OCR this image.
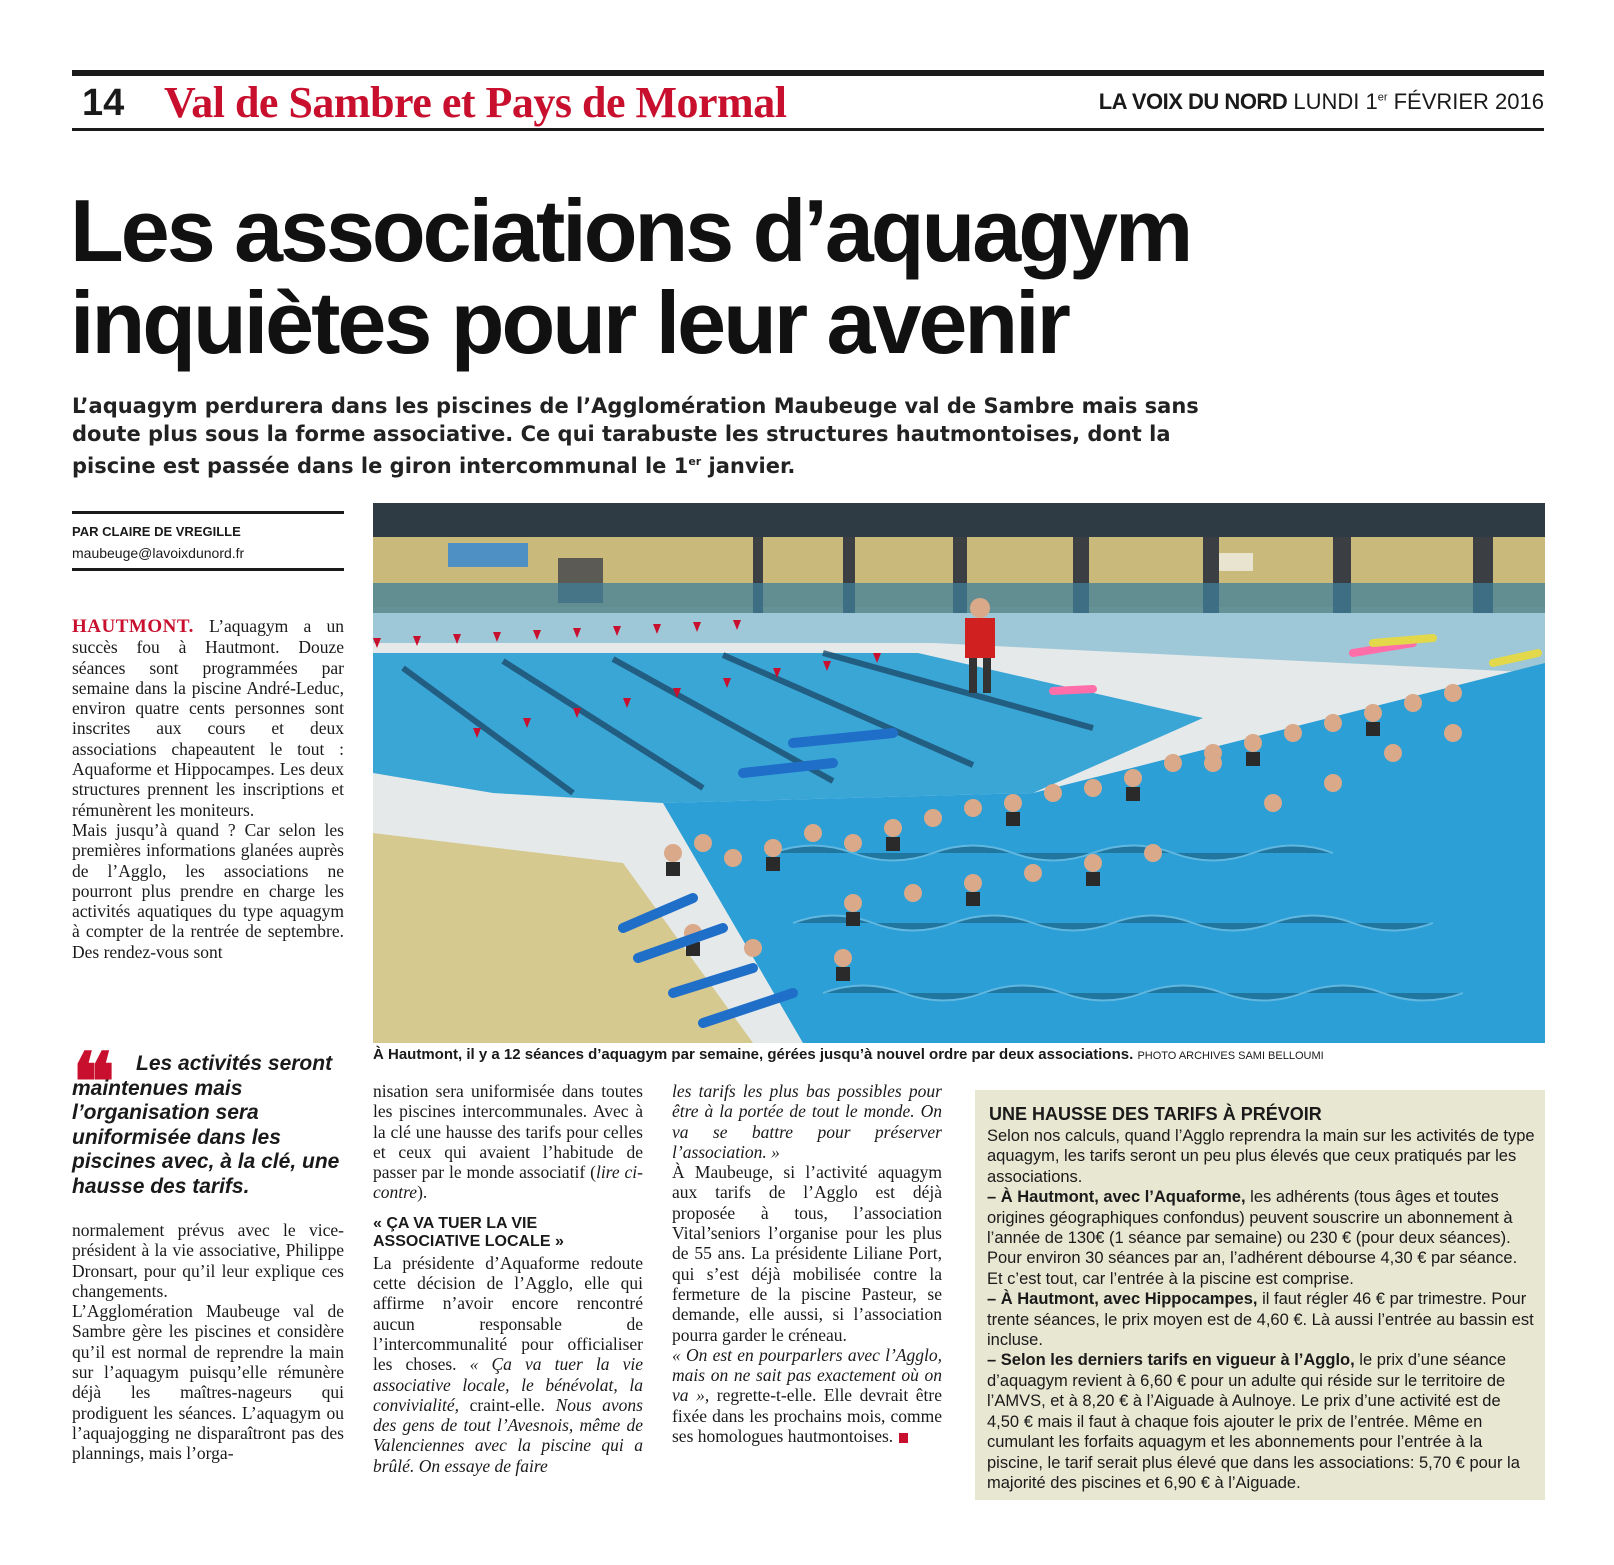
14 Val de Sambre et Pays de Mormal	LA VOIX DU NORD LUNDI 1er FÉVRIER 2016
Les associations d’aquagym
inquiètes pour leur avenir
L’aquagym perdurera dans les piscines de l’Agglomération Maubeuge val de Sambre mais sans doute plus sous la forme associative. Ce qui tarabuste les structures hautmontoises, dont la piscine est passée dans le giron intercommunal le 1er janvier.
PAR CLAIRE DE VREGILLE
maubeuge@lavoixdunord.fr

HAUTMONT. L’aquagym a un succès fou à Hautmont. Douze séances sont programmées par semaine dans la piscine André-Leduc, environ quatre cents personnes sont inscrites aux cours et deux associations chapeautent le tout : Aquaforme et Hippocampes. Les deux structures prennent les inscriptions et rémunèrent les moniteurs.

Mais jusqu’à quand ? Car selon les premières informations glanées auprès de l’Agglo, les associations ne pourront plus prendre en charge les activités aquatiques du type aquagym à compter de la rentrée de septembre. Des rendez-vous sont

À Hautmont, il y a 12 séances d’aquagym par semaine, gérées jusqu’à nouvel ordre par deux associations. PHOTO ARCHIVES SAMI BELLOUMI
❝ Les activités seront maintenues mais l’organisation sera uniformisée dans les piscines avec, à la clé, une hausse des tarifs.

normalement prévus avec le vice-président à la vie associative, Philippe Dronsart, pour qu’il leur explique ces changements.

L’Agglomération Maubeuge val de Sambre gère les piscines et considère qu’il est normal de reprendre la main sur l’aquagym puisqu’elle rémunère déjà les maîtres-nageurs qui prodiguent les séances. L’aquagym ou l’aquajogging ne disparaîtront pas des plannings, mais l’orga-

nisation sera uniformisée dans toutes les piscines intercommunales. Avec à la clé une hausse des tarifs pour celles et ceux qui avaient l’habitude de passer par le monde associatif (lire ci-contre).

« ÇA VA TUER LA VIE ASSOCIATIVE LOCALE »

La présidente d’Aquaforme redoute cette décision de l’Agglo, elle qui affirme n’avoir encore rencontré aucun responsable de l’intercommunalité pour officialiser les choses. « Ça va tuer la vie associative locale, le bénévolat, la convivialité, craint-elle. Nous avons des gens de tout l’Avesnois, même de Valenciennes avec la piscine qui a brûlé. On essaye de faire

les tarifs les plus bas possibles pour être à la portée de tout le monde. On va se battre pour préserver l’association. »

À Maubeuge, si l’activité aquagym aux tarifs de l’Agglo est déjà proposée à tous, l’association Vital’seniors l’organise pour les plus de 55 ans. La présidente Liliane Port, qui s’est déjà mobilisée contre la fermeture de la piscine Pasteur, se demande, elle aussi, si l’association pourra garder le créneau.

« On est en pourparlers avec l’Agglo, mais on ne sait pas exactement où on va », regrette-t-elle. Elle devrait être fixée dans les prochains mois, comme ses homologues hautmontoises.

UNE HAUSSE DES TARIFS À PRÉVOIR

Selon nos calculs, quand l’Agglo reprendra la main sur les activités de type aquagym, les tarifs seront un peu plus élevés que ceux pratiqués par les associations.

– À Hautmont, avec l’Aquaforme, les adhérents (tous âges et toutes origines géographiques confondus) peuvent souscrire un abonnement à l’année de 130€ (1 séance par semaine) ou 230 € (pour deux séances). Pour environ 30 séances par an, l’adhérent débourse 4,30 € par séance. Et c’est tout, car l’entrée à la piscine est comprise.

– À Hautmont, avec Hippocampes, il faut régler 46 € par trimestre. Pour trente séances, le prix moyen est de 4,60 €. Là aussi l’entrée au bassin est incluse.

– Selon les derniers tarifs en vigueur à l’Agglo, le prix d’une séance d’aquagym revient à 6,60 € pour un adulte qui réside sur le territoire de l’AMVS, et à 8,20 € à l’Aiguade à Aulnoye. Le prix d’une activité est de 4,50 € mais il faut à chaque fois ajouter le prix de l’entrée. Même en cumulant les forfaits aquagym et les abonnements pour l’entrée à la piscine, le tarif serait plus élevé que dans les associations: 5,70 € pour la majorité des piscines et 6,90 € à l’Aiguade.
